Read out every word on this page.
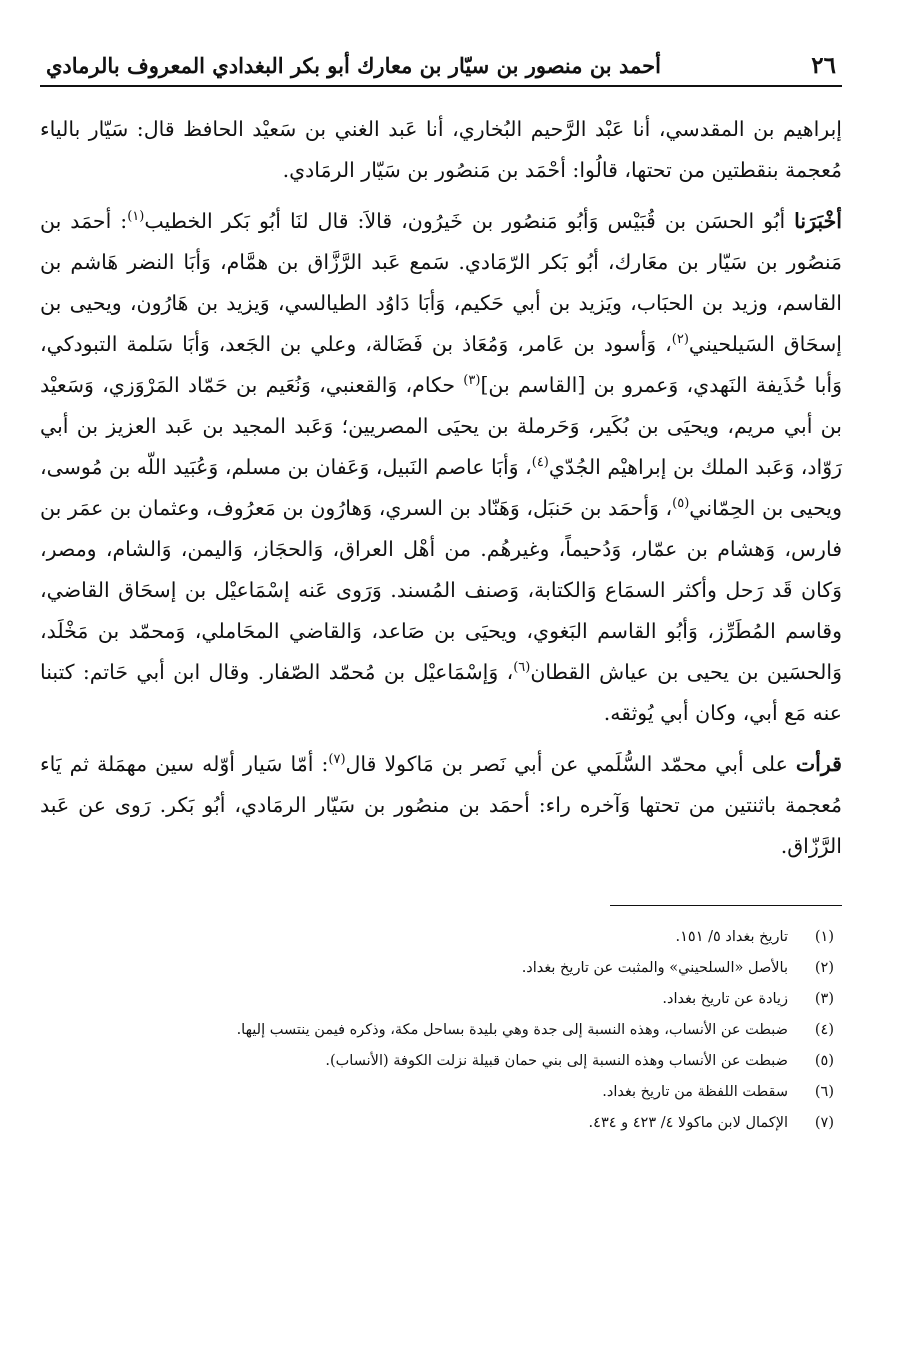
٢٦
أحمد بن منصور بن سيّار بن معارك أبو بكر البغدادي المعروف بالرمادي

إبراهيم بن المقدسي، أنا عَبْد الرَّحيم البُخاري، أنا عَبد الغني بن سَعيْد الحافظ قال: سَيّار بالياء مُعجمة بنقطتين من تحتها، قالُوا: أحْمَد بن مَنصُور بن سَيّار الرمَادي.

أخْبَرَنا أبُو الحسَن بن قُبَيْس وَأبُو مَنصُور بن خَيرُون، قالاَ: قال لنَا أبُو بَكر الخطيب$^{(١)}$: أحمَد بن مَنصُور بن سَيّار بن معَارك، أبُو بَكر الرّمَادي. سَمع عَبد الرَّزَّاق بن همَّام، وَأبَا النضر هَاشم بن القاسم، وزيد بن الحبَاب، ويَزيد بن أبي حَكيم، وَأبَا دَاوُد الطيالسي، وَيزيد بن هَارُون، ويحيى بن إسحَاق السَيلحيني$^{(٢)}$، وَأسود بن عَامر، وَمُعَاذ بن فَضَالة، وعلي بن الجَعد، وَأبَا سَلمة التبودكي، وَأبا حُذَيفة النَهدي، وَعمرو بن [القاسم بن]$^{(٣)}$ حكام، وَالقعنبي، وَنُعَيم بن حَمّاد المَرْوَزي، وَسَعيْد بن أبي مريم، ويحيَى بن بُكَير، وَحَرملة بن يحيَى المصريين؛ وَعَبد المجيد بن عَبد العزيز بن أبي رَوّاد، وَعَبد الملك بن إبراهيْم الجُدّي$^{(٤)}$، وَأبَا عاصم النَبيل، وَعَفان بن مسلم، وَعُبَيد اللّه بن مُوسى، ويحيى بن الحِمّاني$^{(٥)}$، وَأحمَد بن حَنبَل، وَهَنّاد بن السري، وَهارُون بن مَعرُوف، وعثمان بن عمَر بن فارس، وَهشام بن عمّار، وَدُحيماً، وغيرهُم. من أهْل العراق، وَالحجَاز، وَاليمن، وَالشام، ومصر، وَكان قَد رَحل وأكثر السمَاع وَالكتابة، وَصنف المُسند. وَرَوى عَنه إسْمَاعيْل بن إسحَاق القاضي، وقاسم المُطَرِّز، وَأبُو القاسم البَغوي، ويحيَى بن صَاعد، وَالقاضي المحَاملي، وَمحمّد بن مَخْلَد، وَالحسَين بن يحيى بن عياش القطان$^{(٦)}$، وَإسْمَاعيْل بن مُحمّد الصّفار. وقال ابن أبي حَاتم: كتبنا عنه مَع أبي، وكان أبي يُوثقه.

قرأت على أبي محمّد السُّلَمي عن أبي نَصر بن مَاكولا قال$^{(٧)}$: أمّا سَيار أوّله سين مهمَلة ثم يَاء مُعجمة باثنتين من تحتها وَآخره راء: أحمَد بن منصُور بن سَيّار الرمَادي، أبُو بَكر. رَوى عن عَبد الرَّزّاق.

(١)
تاريخ بغداد ٥/ ١٥١.
(٢)
بالأصل «السلحيني» والمثبت عن تاريخ بغداد.
(٣)
زيادة عن تاريخ بغداد.
(٤)
ضبطت عن الأنساب، وهذه النسبة إلى جدة وهي بليدة بساحل مكة، وذكره فيمن ينتسب إليها.
(٥)
ضبطت عن الأنساب وهذه النسبة إلى بني حمان قبيلة نزلت الكوفة (الأنساب).
(٦)
سقطت اللفظة من تاريخ بغداد.
(٧)
الإكمال لابن ماكولا ٤/ ٤٢٣ و ٤٣٤.
